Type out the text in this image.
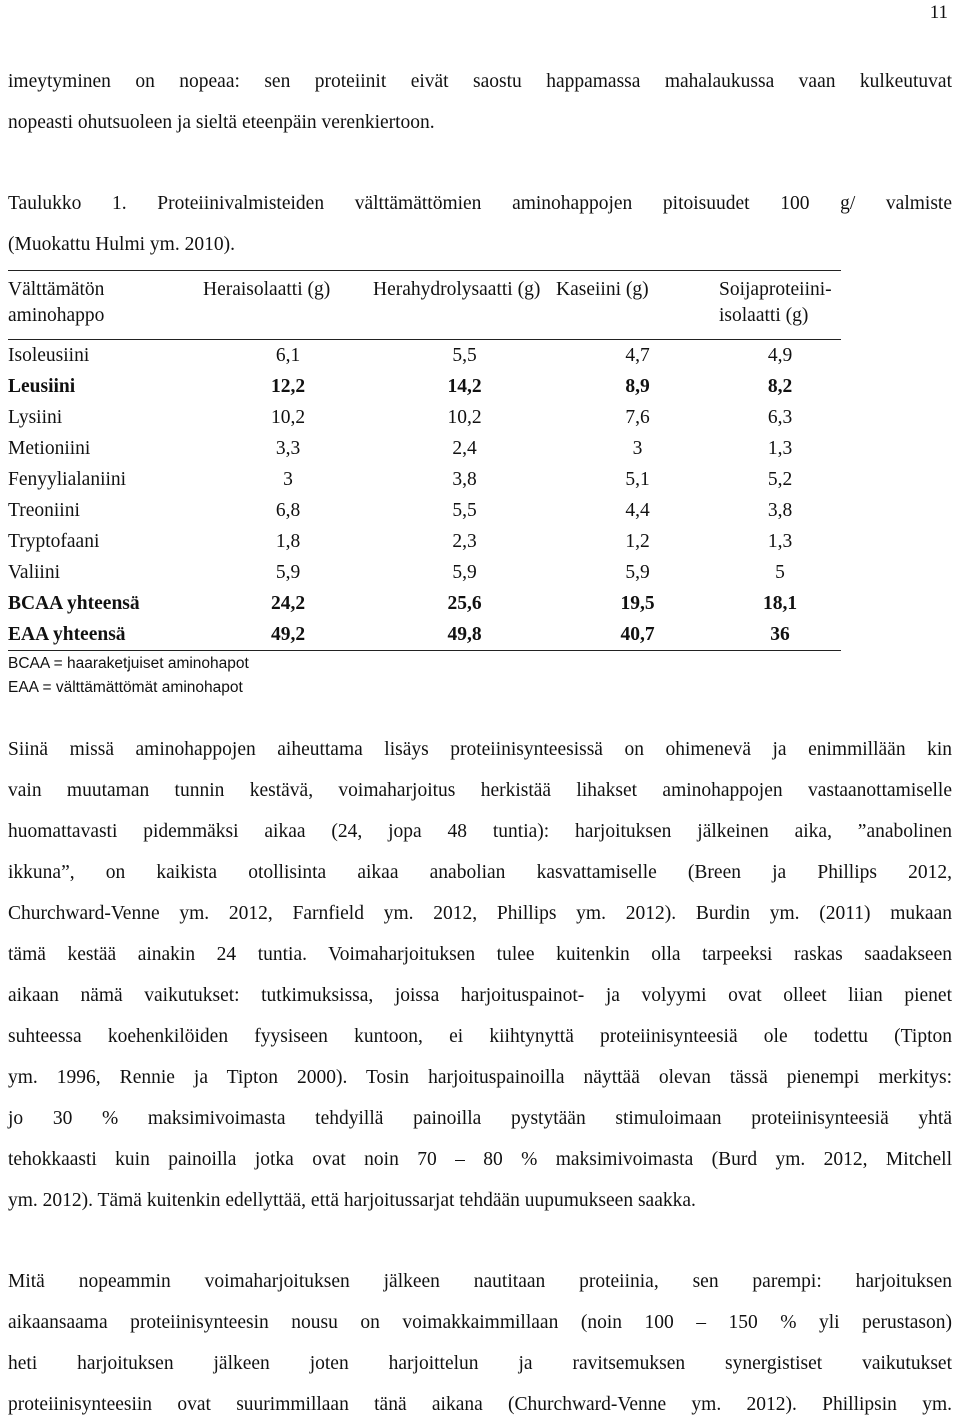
11
imeytyminen on nopeaa: sen proteiinit eivät saostu happamassa mahalaukussa vaan kulkeutuvat
nopeasti ohutsuoleen ja sieltä eteenpäin verenkiertoon.
Taulukko 1. Proteiinivalmisteiden välttämättömien aminohappojen pitoisuudet 100 g/ valmiste
(Muokattu Hulmi ym. 2010).
Välttämätön aminohappo	Heraisolaatti (g)	Herahydrolysaatti (g)	Kaseiini (g)	Soijaproteiini-isolaatti (g)
Isoleusiini	6,1	5,5	4,7	4,9
Leusiini	12,2	14,2	8,9	8,2
Lysiini	10,2	10,2	7,6	6,3
Metioniini	3,3	2,4	3	1,3
Fenyylialaniini	3	3,8	5,1	5,2
Treoniini	6,8	5,5	4,4	3,8
Tryptofaani	1,8	2,3	1,2	1,3
Valiini	5,9	5,9	5,9	5
BCAA yhteensä	24,2	25,6	19,5	18,1
EAA yhteensä	49,2	49,8	40,7	36
BCAA = haaraketjuiset aminohapot
EAA = välttämättömät aminohapot
Siinä missä aminohappojen aiheuttama lisäys proteiinisynteesissä on ohimenevä ja enimmillään kin
vain muutaman tunnin kestävä, voimaharjoitus herkistää lihakset aminohappojen vastaanottamiselle
huomattavasti pidemmäksi aikaa (24, jopa 48 tuntia): harjoituksen jälkeinen aika, ”anabolinen
ikkuna”, on kaikista otollisinta aikaa anabolian kasvattamiselle (Breen ja Phillips 2012,
Churchward-Venne ym. 2012, Farnfield ym. 2012, Phillips ym. 2012). Burdin ym. (2011) mukaan
tämä kestää ainakin 24 tuntia. Voimaharjoituksen tulee kuitenkin olla tarpeeksi raskas saadakseen
aikaan nämä vaikutukset: tutkimuksissa, joissa harjoituspainot- ja volyymi ovat olleet liian pienet
suhteessa koehenkilöiden fyysiseen kuntoon, ei kiihtynyttä proteiinisynteesiä ole todettu (Tipton
ym. 1996, Rennie ja Tipton 2000). Tosin harjoituspainoilla näyttää olevan tässä pienempi merkitys:
jo 30 % maksimivoimasta tehdyillä painoilla pystytään stimuloimaan proteiinisynteesiä yhtä
tehokkaasti kuin painoilla jotka ovat noin 70 – 80 % maksimivoimasta (Burd ym. 2012, Mitchell
ym. 2012). Tämä kuitenkin edellyttää, että harjoitussarjat tehdään uupumukseen saakka.
Mitä nopeammin voimaharjoituksen jälkeen nautitaan proteiinia, sen parempi: harjoituksen
aikaansaama proteiinisynteesin nousu on voimakkaimmillaan (noin 100 – 150 % yli perustason)
heti harjoituksen jälkeen joten harjoittelun ja ravitsemuksen synergistiset vaikutukset
proteiinisynteesiin ovat suurimmillaan tänä aikana (Churchward-Venne ym. 2012). Phillipsin ym.
